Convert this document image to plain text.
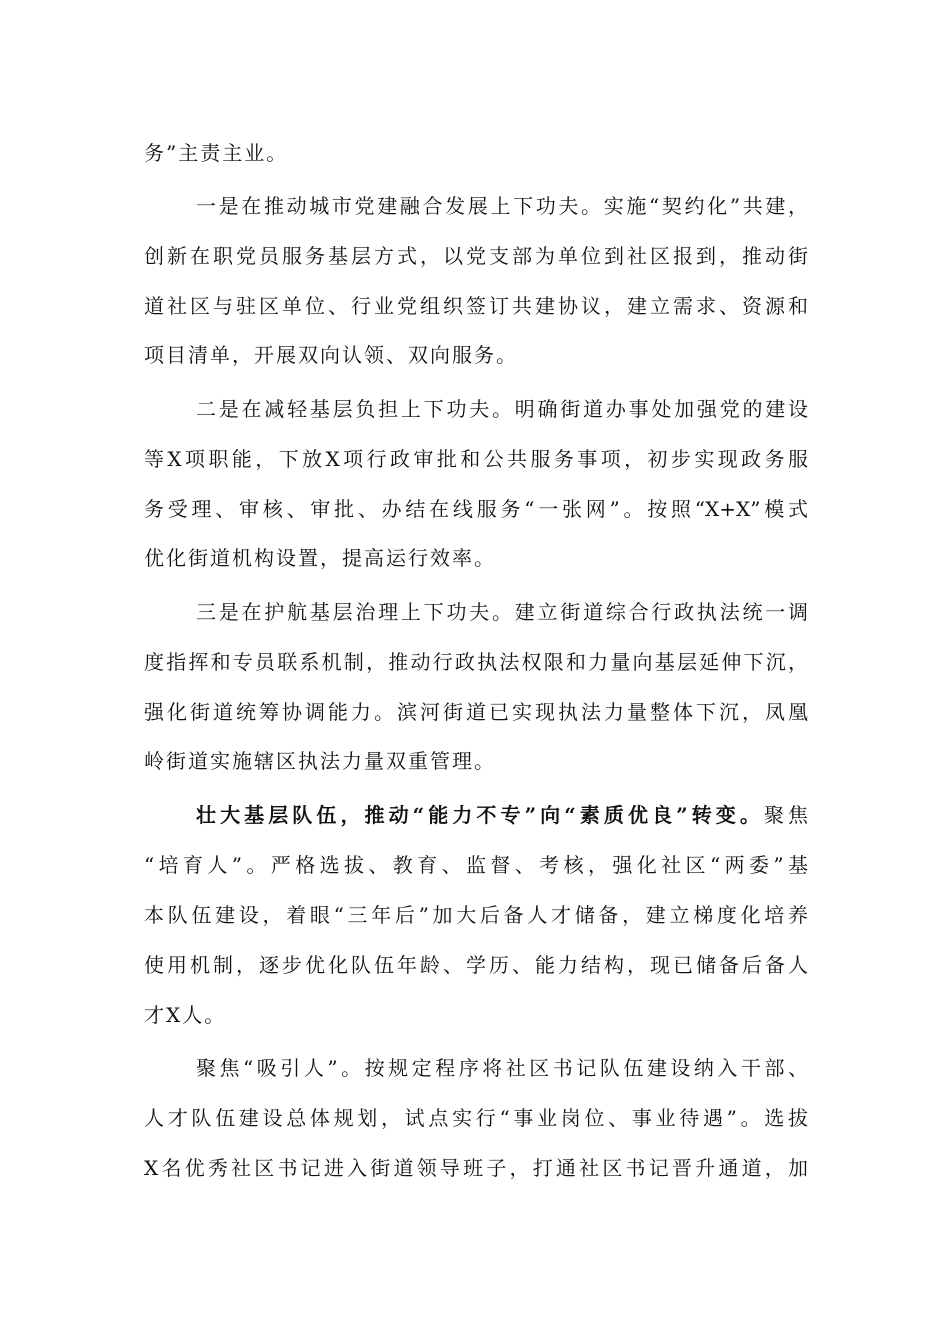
务”主责主业。
一是在推动城市党建融合发展上下功夫。实施“契约化”共建，
创新在职党员服务基层方式，以党支部为单位到社区报到，推动街
道社区与驻区单位、行业党组织签订共建协议，建立需求、资源和
项目清单，开展双向认领、双向服务。
二是在减轻基层负担上下功夫。明确街道办事处加强党的建设
等X项职能，下放X项行政审批和公共服务事项，初步实现政务服
务受理、审核、审批、办结在线服务“一张网”。按照“X+X”模式
优化街道机构设置，提高运行效率。
三是在护航基层治理上下功夫。建立街道综合行政执法统一调
度指挥和专员联系机制，推动行政执法权限和力量向基层延伸下沉，
强化街道统筹协调能力。滨河街道已实现执法力量整体下沉，凤凰
岭街道实施辖区执法力量双重管理。
壮大基层队伍，推动“能力不专”向“素质优良”转变。聚焦
“培育人”。严格选拔、教育、监督、考核，强化社区“两委”基
本队伍建设，着眼“三年后”加大后备人才储备，建立梯度化培养
使用机制，逐步优化队伍年龄、学历、能力结构，现已储备后备人
才X人。
聚焦“吸引人”。按规定程序将社区书记队伍建设纳入干部、
人才队伍建设总体规划，试点实行“事业岗位、事业待遇”。选拔
X名优秀社区书记进入街道领导班子，打通社区书记晋升通道，加
